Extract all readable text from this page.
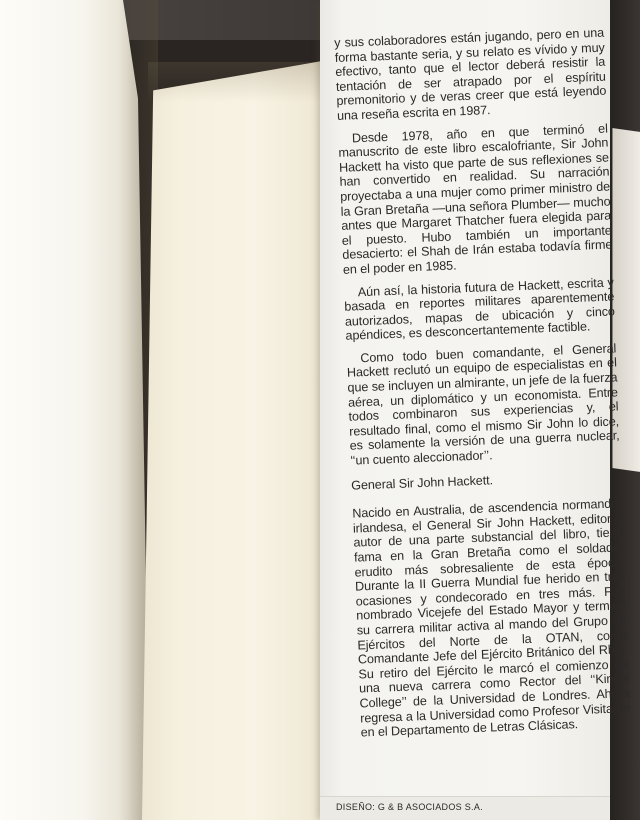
y sus colaboradores están jugando, pero en una forma bastante seria, y su relato es vívido y muy efectivo, tanto que el lector deberá resistir la tentación de ser atrapado por el espíritu premonitorio y de veras creer que está leyendo una reseña escrita en 1987.

Desde 1978, año en que terminó el manuscrito de este libro escalofriante, Sir John Hackett ha visto que parte de sus reflexiones se han convertido en realidad. Su narración proyectaba a una mujer como primer ministro de la Gran Bretaña —una señora Plumber— mucho antes que Margaret Thatcher fuera elegida para el puesto. Hubo también un importante desacierto: el Shah de Irán estaba todavía firme en el poder en 1985.

Aún así, la historia futura de Hackett, escrita y basada en reportes militares aparentemente autorizados, mapas de ubicación y cinco apéndices, es desconcertantemente factible.

Como todo buen comandante, el General Hackett reclutó un equipo de especialistas en el que se incluyen un almirante, un jefe de la fuerza aérea, un diplomático y un economista. Entre todos combinaron sus experiencias y, el resultado final, como el mismo Sir John lo dice, es solamente la versión de una guerra nuclear, ‘‘un cuento aleccionador’’.

General Sir John Hackett.

Nacido en Australia, de ascendencia normando-irlandesa, el General Sir John Hackett, editor y autor de una parte substancial del libro, tiene fama en la Gran Bretaña como el soldado-erudito más sobresaliente de esta época. Durante la II Guerra Mundial fue herido en tres ocasiones y condecorado en tres más. Fue nombrado Vicejefe del Estado Mayor y terminó su carrera militar activa al mando del Grupo de Ejércitos del Norte de la OTAN, como Comandante Jefe del Ejército Británico del Rhin. Su retiro del Ejército le marcó el comienzo de una nueva carrera como Rector del ‘‘King’s College’’ de la Universidad de Londres. Ahora regresa a la Universidad como Profesor Visitante en el Departamento de Letras Clásicas.

DISEÑO: G & B ASOCIADOS S.A.
